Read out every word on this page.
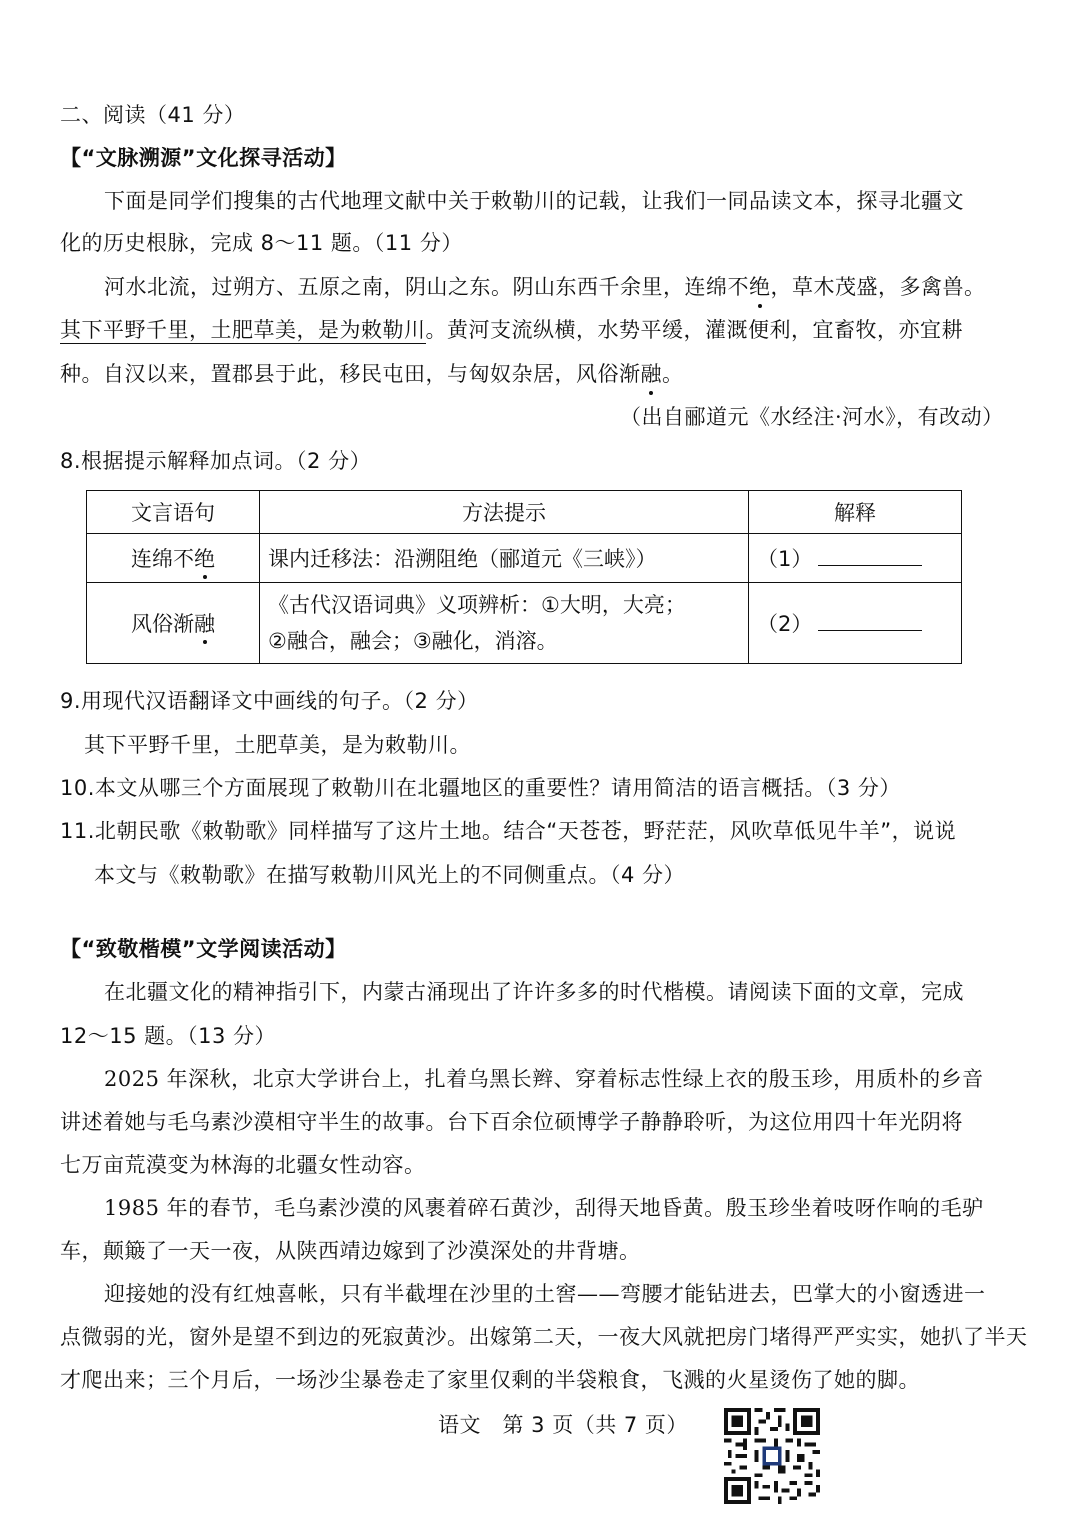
二、阅读（41 分）
【“文脉溯源”文化探寻活动】
下面是同学们搜集的古代地理文献中关于敕勒川的记载，让我们一同品读文本，探寻北疆文
化的历史根脉，完成 8～11 题。（11 分）
河水北流，过朔方、五原之南，阴山之东。阴山东西千余里，连绵不绝，草木茂盛，多禽兽。
其下平野千里，土肥草美，是为敕勒川。黄河支流纵横，水势平缓，灌溉便利，宜畜牧，亦宜耕
种。自汉以来，置郡县于此，移民屯田，与匈奴杂居，风俗渐融。
（出自郦道元《水经注·河水》，有改动）
8.根据提示解释加点词。（2 分）
文言语句	方法提示	解释
连绵不绝	课内迁移法：沿溯阻绝（郦道元《三峡》）	（1）
风俗渐融	《古代汉语词典》义项辨析：①大明，大亮；
②融合，融会；③融化，消溶。	（2）
9.用现代汉语翻译文中画线的句子。（2 分）
其下平野千里，土肥草美，是为敕勒川。
10.本文从哪三个方面展现了敕勒川在北疆地区的重要性？请用简洁的语言概括。（3 分）
11.北朝民歌《敕勒歌》同样描写了这片土地。结合“天苍苍，野茫茫，风吹草低见牛羊”，说说
本文与《敕勒歌》在描写敕勒川风光上的不同侧重点。（4 分）
【“致敬楷模”文学阅读活动】
在北疆文化的精神指引下，内蒙古涌现出了许许多多的时代楷模。请阅读下面的文章，完成
12～15 题。（13 分）
2025 年深秋，北京大学讲台上，扎着乌黑长辫、穿着标志性绿上衣的殷玉珍，用质朴的乡音
讲述着她与毛乌素沙漠相守半生的故事。台下百余位硕博学子静静聆听，为这位用四十年光阴将
七万亩荒漠变为林海的北疆女性动容。
1985 年的春节，毛乌素沙漠的风裹着碎石黄沙，刮得天地昏黄。殷玉珍坐着吱呀作响的毛驴
车，颠簸了一天一夜，从陕西靖边嫁到了沙漠深处的井背塘。
迎接她的没有红烛喜帐，只有半截埋在沙里的土窖——弯腰才能钻进去，巴掌大的小窗透进一
点微弱的光，窗外是望不到边的死寂黄沙。出嫁第二天，一夜大风就把房门堵得严严实实，她扒了半天
才爬出来；三个月后，一场沙尘暴卷走了家里仅剩的半袋粮食，飞溅的火星烫伤了她的脚。
语文　第 3 页（共 7 页）
